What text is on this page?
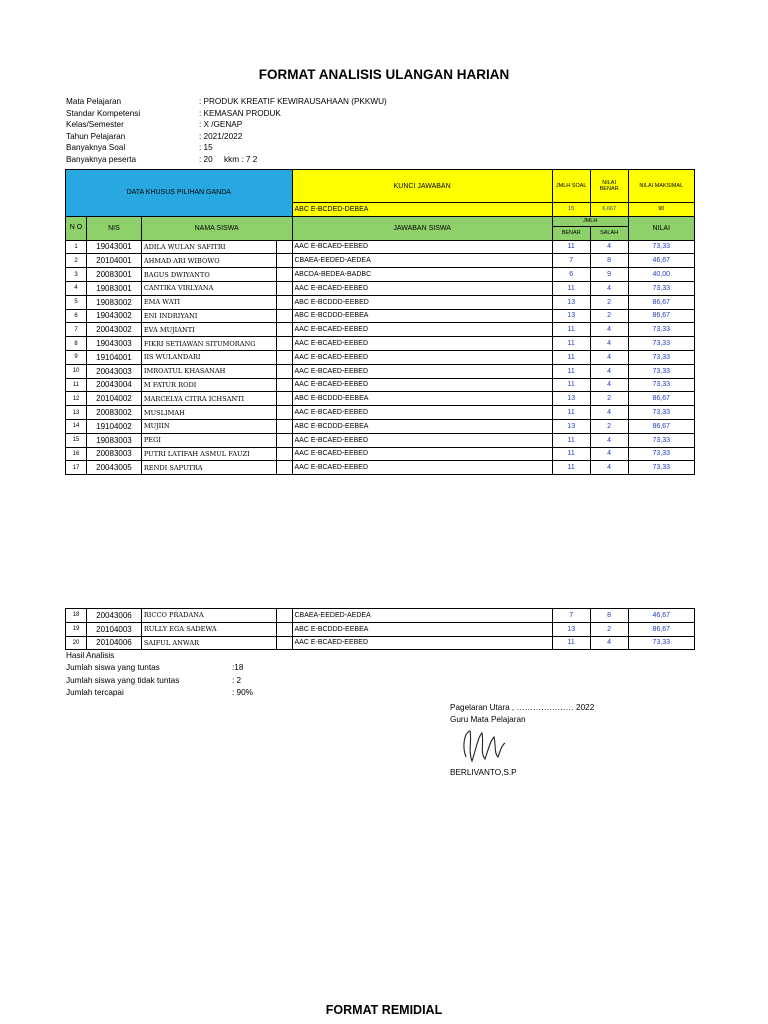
FORMAT ANALISIS ULANGAN HARIAN
Mata Pelajaran	: PRODUK KREATIF KEWIRAUSAHAAN (PKKWU)
Standar Kompetensi	: KEMASAN PRODUK
Kelas/Semester	: X /GENAP
Tahun Pelajaran	: 2021/2022
Banyaknya Soal	: 15
Banyaknya peserta	: 20     kkm : 7 2
DATA KHUSUS PILIHAN GANDA				KUNCI JAWABAN	JMLH SOAL	NILAI BENAR	NILAI MAKSIMAL
				ABC E-BCDED-DEBEA	15	6,667	90
N O	NIS	NAMA SISWA		JAWABAN SISWA	JMLH		NILAI
					BENAR	SALAH	
1	19043001	ADILA WULAN SAFITRI		AAC E-BCAED-EEBED	11	4	73,33
2	20104001	AHMAD ARI WIBOWO		CBAEA-EEDED-AEDEA	7	8	46,67
3	20083001	BAGUS DWIYANTO		ABCDA-BEDEA-BADBC	6	9	40,00
4	19083001	CANTIKA VIRLYANA		AAC E-BCAED-EEBED	11	4	73,33
5	19083002	EMA WATI		ABC E-BCDDD-EEBED	13	2	86,67
6	19043002	ENI INDRIYANI		ABC E-BCDDD-EEBEA	13	2	86,67
7	20043002	EVA MUJIANTI		AAC E-BCAED-EEBED	11	4	73,33
8	19043003	FIKRI SETIAWAN SITUMORANG		AAC E-BCAED-EEBED	11	4	73,33
9	19104001	IIS WULANDARI		AAC E-BCAED-EEBED	11	4	73,33
10	20043003	IMROATUL KHASANAH		AAC E-BCAED-EEBED	11	4	73,33
11	20043004	M FATUR RODI		AAC E-BCAED-EEBED	11	4	73,33
12	20104002	MARCELYA CITRA ICHSANTI		ABC E-BCDDD-EEBEA	13	2	86,67
13	20083002	MUSLIMAH		AAC E-BCAED-EEBED	11	4	73,33
14	19104002	MUJIIN		ABC E-BCDDD-EEBEA	13	2	86,67
15	19083003	PEGI		AAC E-BCAED-EEBED	11	4	73,33
16	20083003	PUTRI LATIFAH ASMUL FAUZI		AAC E-BCAED-EEBED	11	4	73,33
17	20043005	RENDI SAPUTRA		AAC E-BCAED-EEBED	11	4	73,33
18	20043006	RICCO PRADANA		CBAEA-EEDED-AEDEA	7	8	46,67
19	20104003	RULLY EGA SADEWA		ABC E-BCDDD-EEBEA	13	2	86,67
20	20104006	SAIFUL ANWAR		AAC E-BCAED-EEBED	11	4	73,33
Hasil Analisis
Jumlah siswa yang tuntas	:18
Jumlah siswa yang tidak tuntas	: 2
Jumlah tercapai	: 90%
Pagelaran Utara , ………………… 2022
Guru Mata Pelajaran
BERLIVANTO,S.P
FORMAT REMIDIAL
